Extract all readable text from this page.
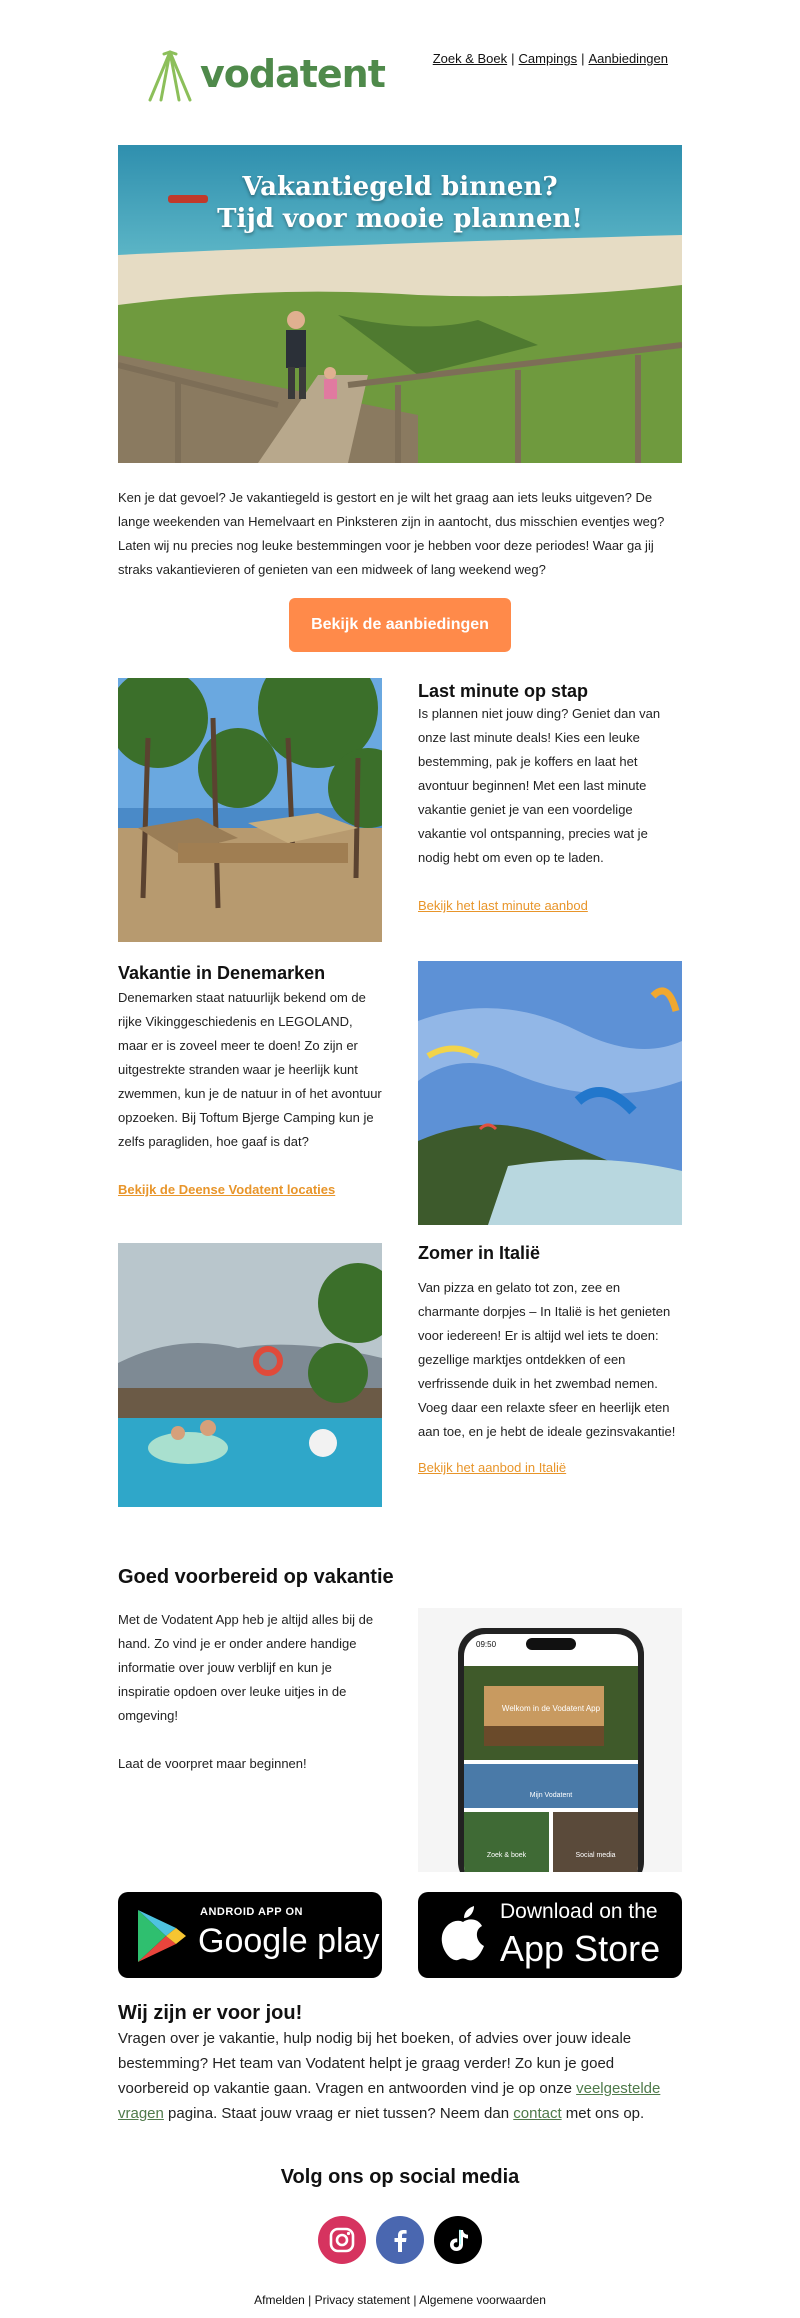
vodatent	Zoek & Boek | Campings | Aanbiedingen
Vakantiegeld binnen?
Tijd voor mooie plannen!

Ken je dat gevoel? Je vakantiegeld is gestort en je wilt het graag aan iets leuks uitgeven? De lange weekenden van Hemelvaart en Pinksteren zijn in aantocht, dus misschien eventjes weg? Laten wij nu precies nog leuke bestemmingen voor je hebben voor deze periodes! Waar ga jij straks vakantievieren of genieten van een midweek of lang weekend weg?

Bekijk de aanbiedingen
Last minute op stap

Is plannen niet jouw ding? Geniet dan van onze last minute deals! Kies een leuke bestemming, pak je koffers en laat het avontuur beginnen! Met een last minute vakantie geniet je van een voordelige vakantie vol ontspanning, precies wat je nodig hebt om even op te laden.

Bekijk het last minute aanbod
Vakantie in Denemarken

Denemarken staat natuurlijk bekend om de rijke Vikinggeschiedenis en LEGOLAND, maar er is zoveel meer te doen! Zo zijn er uitgestrekte stranden waar je heerlijk kunt zwemmen, kun je de natuur in of het avontuur opzoeken. Bij Toftum Bjerge Camping kun je zelfs paragliden, hoe gaaf is dat?

Bekijk de Deense Vodatent locaties
Zomer in Italië

Van pizza en gelato tot zon, zee en charmante dorpjes – In Italië is het genieten voor iedereen! Er is altijd wel iets te doen: gezellige marktjes ontdekken of een verfrissende duik in het zwembad nemen. Voeg daar een relaxte sfeer en heerlijk eten aan toe, en je hebt de ideale gezinsvakantie!

Bekijk het aanbod in Italië
Goed voorbereid op vakantie

Met de Vodatent App heb je altijd alles bij de hand. Zo vind je er onder andere handige informatie over jouw verblijf en kun je inspiratie opdoen over leuke uitjes in de omgeving!

Laat de voorpret maar beginnen!

09:50
Welkom in de Vodatent App
Mijn Vodatent
Zoek & boek	Social media
ANDROID APP ON
Google play
Download on the
App Store
Wij zijn er voor jou!

Vragen over je vakantie, hulp nodig bij het boeken, of advies over jouw ideale bestemming? Het team van Vodatent helpt je graag verder! Zo kun je goed voorbereid op vakantie gaan. Vragen en antwoorden vind je op onze veelgestelde vragen pagina. Staat jouw vraag er niet tussen? Neem dan contact met ons op.

Volg ons op social media
Afmelden | Privacy statement | Algemene voorwaarden
